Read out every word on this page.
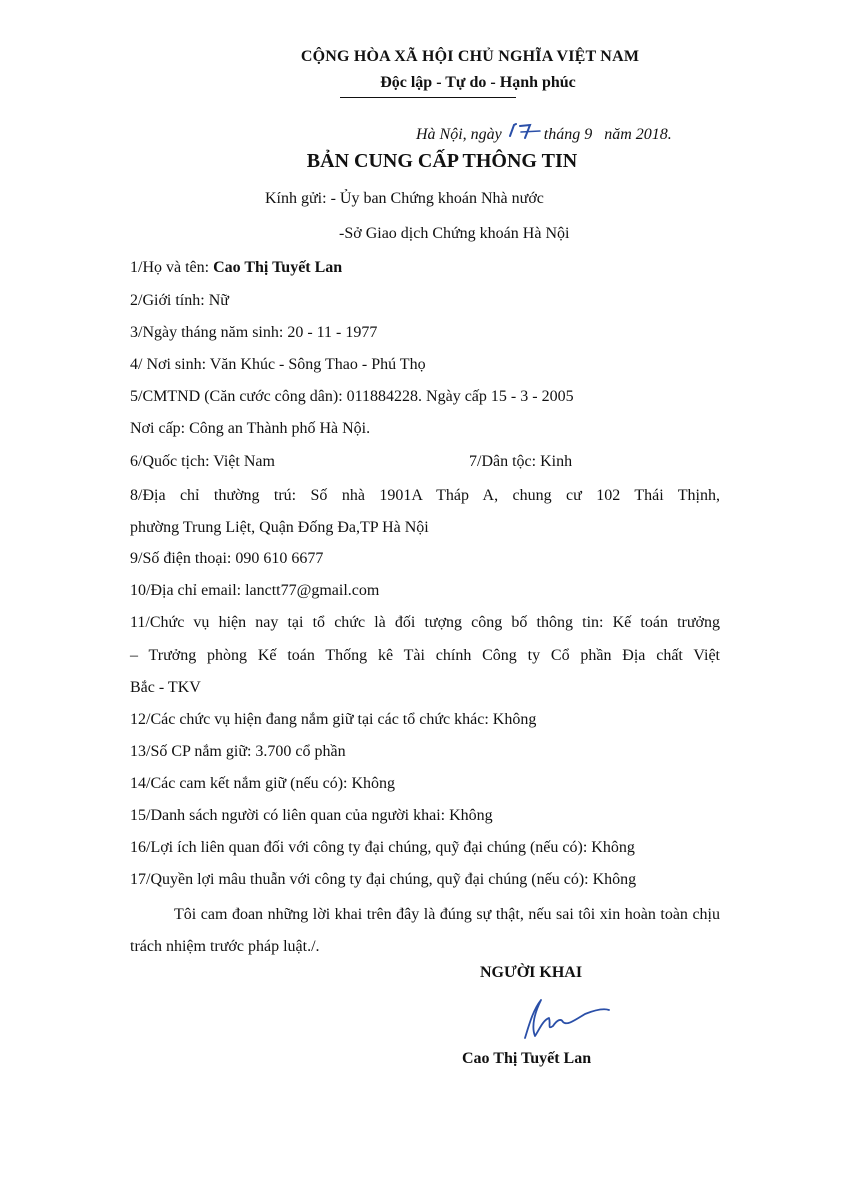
CỘNG HÒA XÃ HỘI CHỦ NGHĨA VIỆT NAM
Độc lập - Tự do - Hạnh phúc
Hà Nội, ngày	tháng 9 năm 2018.
BẢN CUNG CẤP THÔNG TIN
Kính gửi: - Ủy ban Chứng khoán Nhà nước
-Sở Giao dịch Chứng khoán Hà Nội
1/Họ và tên: Cao Thị Tuyết Lan
2/Giới tính: Nữ
3/Ngày tháng năm sinh: 20 - 11 - 1977
4/ Nơi sinh: Văn Khúc - Sông Thao - Phú Thọ
5/CMTND (Căn cước công dân): 011884228. Ngày cấp 15 - 3 - 2005
Nơi cấp: Công an Thành phố Hà Nội.
6/Quốc tịch: Việt Nam	7/Dân tộc: Kinh
8/Địa chỉ thường trú: Số nhà 1901A Tháp A, chung cư 102 Thái Thịnh,
phường Trung Liệt, Quận Đống Đa,TP Hà Nội
9/Số điện thoại: 090 610 6677
10/Địa chỉ email: lanctt77@gmail.com
11/Chức vụ hiện nay tại tổ chức là đối tượng công bố thông tin: Kế toán trưởng
– Trưởng phòng Kế toán Thống kê Tài chính Công ty Cổ phần Địa chất Việt
Bắc - TKV
12/Các chức vụ hiện đang nắm giữ tại các tổ chức khác: Không
13/Số CP nắm giữ: 3.700 cổ phần
14/Các cam kết nắm giữ (nếu có): Không
15/Danh sách người có liên quan của người khai: Không
16/Lợi ích liên quan đối với công ty đại chúng, quỹ đại chúng (nếu có): Không
17/Quyền lợi mâu thuẫn với công ty đại chúng, quỹ đại chúng (nếu có): Không
Tôi cam đoan những lời khai trên đây là đúng sự thật, nếu sai tôi xin hoàn toàn chịu trách nhiệm trước pháp luật./.
NGƯỜI KHAI
Cao Thị Tuyết Lan
